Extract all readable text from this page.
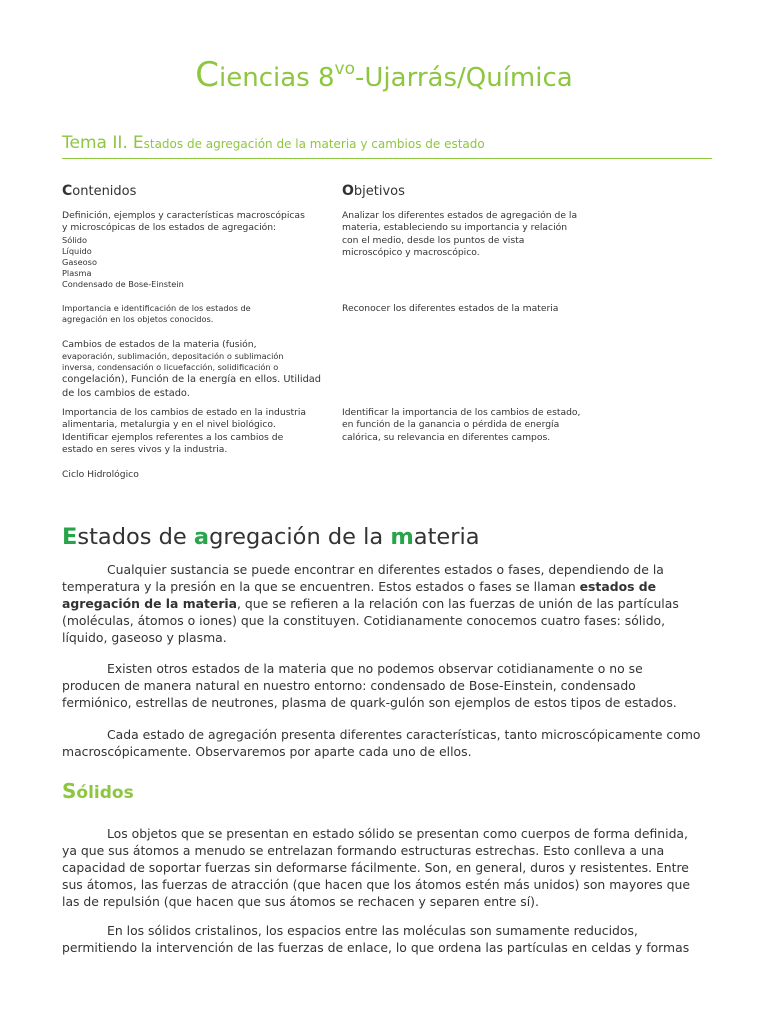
Ciencias $8^{vo}-Ujarrás$/Química
Tema II. Estados de agregación de la materia y cambios de estado
Contenidos	Objetivos
Definición, ejemplos y características macroscópicas
y microscópicas de los estados de agregación:
Sólido
Líquido
Gaseoso
Plasma
Condensado de Bose-Einstein
Importancia e identificación de los estados de
agregación en los objetos conocidos.
Cambios de estados de la materia (fusión,
evaporación, sublimación, depositación o sublimación
inversa, condensación o licuefacción, solidificación o
congelación), Función de la energía en ellos. Utilidad
de los cambios de estado.
Importancia de los cambios de estado en la industria
alimentaria, metalurgia y en el nivel biológico.
Identificar ejemplos referentes a los cambios de
estado en seres vivos y la industria.
Ciclo Hidrológico
Analizar los diferentes estados de agregación de la
materia, estableciendo su importancia y relación
con el medio, desde los puntos de vista
microscópico y macroscópico.
Reconocer los diferentes estados de la materia
Identificar la importancia de los cambios de estado,
en función de la ganancia o pérdida de energía
calórica, su relevancia en diferentes campos.
Estados de agregación de la materia
Cualquier sustancia se puede encontrar en diferentes estados o fases, dependiendo de la
temperatura y la presión en la que se encuentren. Estos estados o fases se llaman estados de
agregación de la materia, que se refieren a la relación con las fuerzas de unión de las partículas
(moléculas, átomos o iones) que la constituyen. Cotidianamente conocemos cuatro fases: sólido,
líquido, gaseoso y plasma.
Existen otros estados de la materia que no podemos observar cotidianamente o no se
producen de manera natural en nuestro entorno: condensado de Bose-Einstein, condensado
fermiónico, estrellas de neutrones, plasma de quark-gulón son ejemplos de estos tipos de estados.
Cada estado de agregación presenta diferentes características, tanto microscópicamente como
macroscópicamente. Observaremos por aparte cada uno de ellos.
Sólidos
Los objetos que se presentan en estado sólido se presentan como cuerpos de forma definida,
ya que sus átomos a menudo se entrelazan formando estructuras estrechas. Esto conlleva a una
capacidad de soportar fuerzas sin deformarse fácilmente. Son, en general, duros y resistentes. Entre
sus átomos, las fuerzas de atracción (que hacen que los átomos estén más unidos) son mayores que
las de repulsión (que hacen que sus átomos se rechacen y separen entre sí).
En los sólidos cristalinos, los espacios entre las moléculas son sumamente reducidos,
permitiendo la intervención de las fuerzas de enlace, lo que ordena las partículas en celdas y formas
